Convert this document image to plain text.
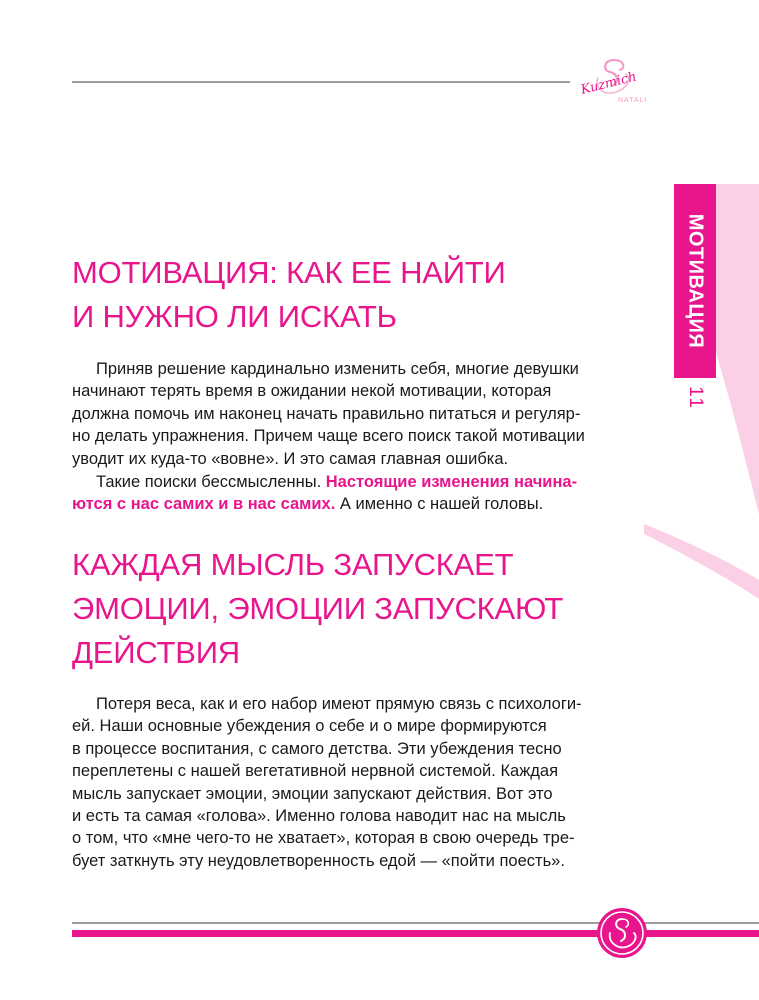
Kuzmich
NATALI
МОТИВАЦИЯ
11
МОТИВАЦИЯ: КАК ЕЕ НАЙТИ
И НУЖНО ЛИ ИСКАТЬ

Приняв решение кардинально изменить себя, многие девушки
начинают терять время в ожидании некой мотивации, которая
должна помочь им наконец начать правильно питаться и регуляр-
но делать упражнения. Причем чаще всего поиск такой мотивации
уводит их куда-то «вовне». И это самая главная ошибка.

Такие поиски бессмысленны. Настоящие изменения начина-
ются с нас самих и в нас самих. А именно с нашей головы.

КАЖДАЯ МЫСЛЬ ЗАПУСКАЕТ
ЭМОЦИИ, ЭМОЦИИ ЗАПУСКАЮТ
ДЕЙСТВИЯ

Потеря веса, как и его набор имеют прямую связь с психологи-
ей. Наши основные убеждения о себе и о мире формируются
в процессе воспитания, с самого детства. Эти убеждения тесно
переплетены с нашей вегетативной нервной системой. Каждая
мысль запускает эмоции, эмоции запускают действия. Вот это
и есть та самая «голова». Именно голова наводит нас на мысль
о том, что «мне чего-то не хватает», которая в свою очередь тре-
бует заткнуть эту неудовлетворенность едой — «пойти поесть».
